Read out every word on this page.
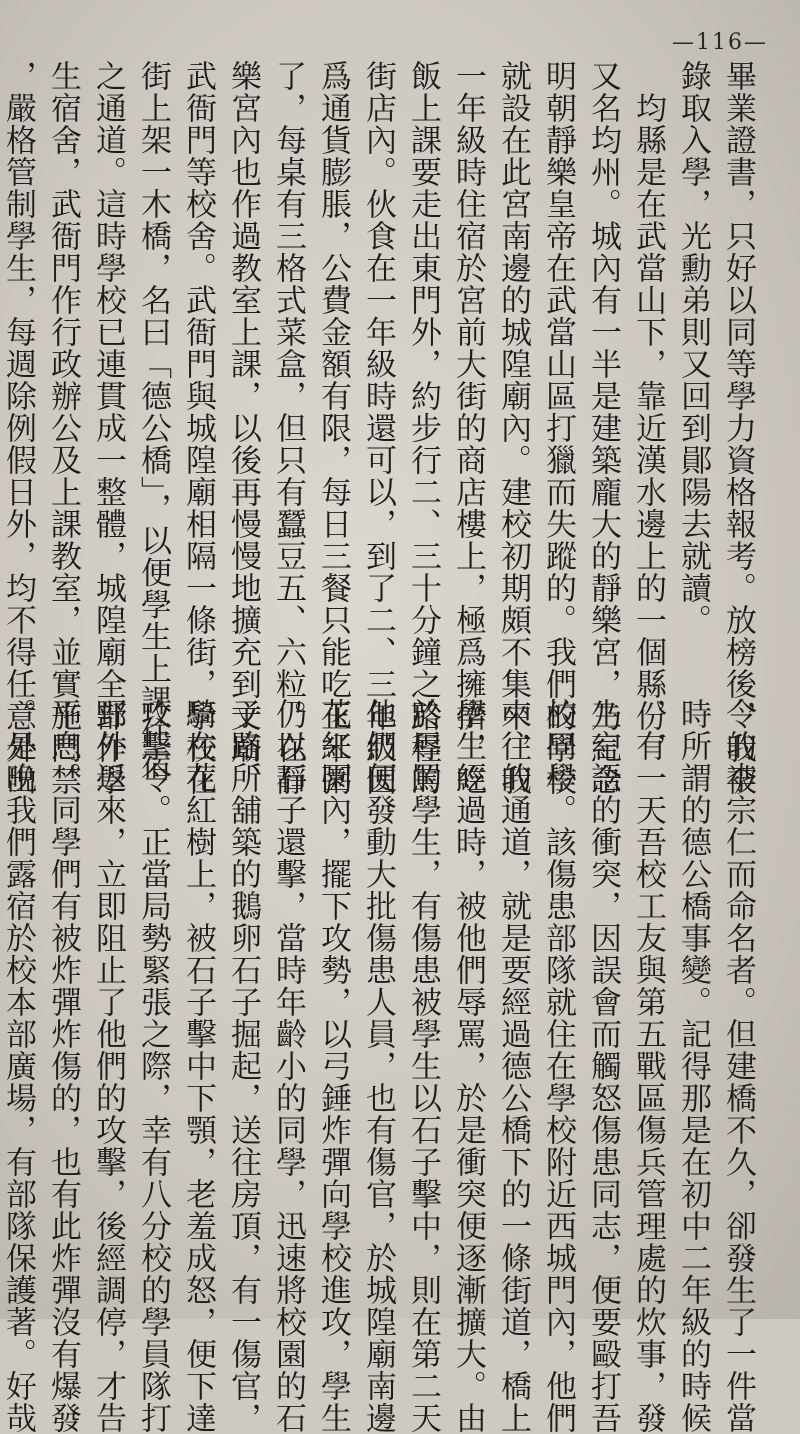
—116—

畢業證書，只好以同等學力資格報考。放榜後，我被

錄取入學，光勳弟則又回到鄖陽去就讀。

　均縣是在武當山下，靠近漢水邊上的一個縣份，

又名均州。城內有一半是建築龐大的靜樂宮，乃紀念

明朝靜樂皇帝在武當山區打獵而失蹤的。我們的學校

就設在此宮南邊的城隍廟內。建校初期頗不集中，我

一年級時住宿於宮前大街的商店樓上，極爲擁擠，吃

飯上課要走出東門外，約步行二、三十分鐘之路程的

街店內。伙食在一年級時還可以，到了二、三年級因

爲通貨膨脹，公費金額有限，每日三餐只能吃玉米粥

了，每桌有三格式菜盒，但只有蠶豆五、六粒。在靜

樂宮內也作過教室上課，以後再慢慢地擴充到文廟、

武衙門等校舍。武衙門與城隍廟相隔一條街，學校在

街上架一木橋，名曰「德公橋」，以便學生上課住宿

之通道。這時學校已連貫成一整體，城隍廟全部作學

生宿舍，武衙門作行政辦公及上課教室，並實施門禁

，嚴格管制學生，每週除例假日外，均不得任意外出

令的李宗仁而命名者。但建橋不久，卻發生了一件當

時所謂的德公橋事變。記得那是在初中二年級的時候

，有一天吾校工友與第五戰區傷兵管理處的炊事，發

生言語的衝突，因誤會而觸怒傷患同志，便要毆打吾

校同學。該傷患部隊就住在學校附近西城門內，他們

來往的通道，就是要經過德公橋下的一條街道，橋上

學生經過時，被他們辱罵，於是衝突便逐漸擴大。由

於辱罵學生，有傷患被學生以石子擊中，則在第二天

他們便發動大批傷患人員，也有傷官，於城隍廟南邊

花紅園內，擺下攻勢，以弓錘炸彈向學校進攻，學生

仍以石子還擊，當時年齡小的同學，迅速將校園的石

子路所舖築的鵝卵石子掘起，送往房頂，有一傷官，

騎在花紅樹上，被石子擊中下顎，老羞成怒，便下達

攻擊令。正當局勢緊張之際，幸有八分校的學員隊打

野外返來，立即阻止了他們的攻擊，後經調停，才告

平息。同學們有被炸彈炸傷的，也有此炸彈沒有爆發

。是晚我們露宿於校本部廣場，有部隊保護著。好哉
